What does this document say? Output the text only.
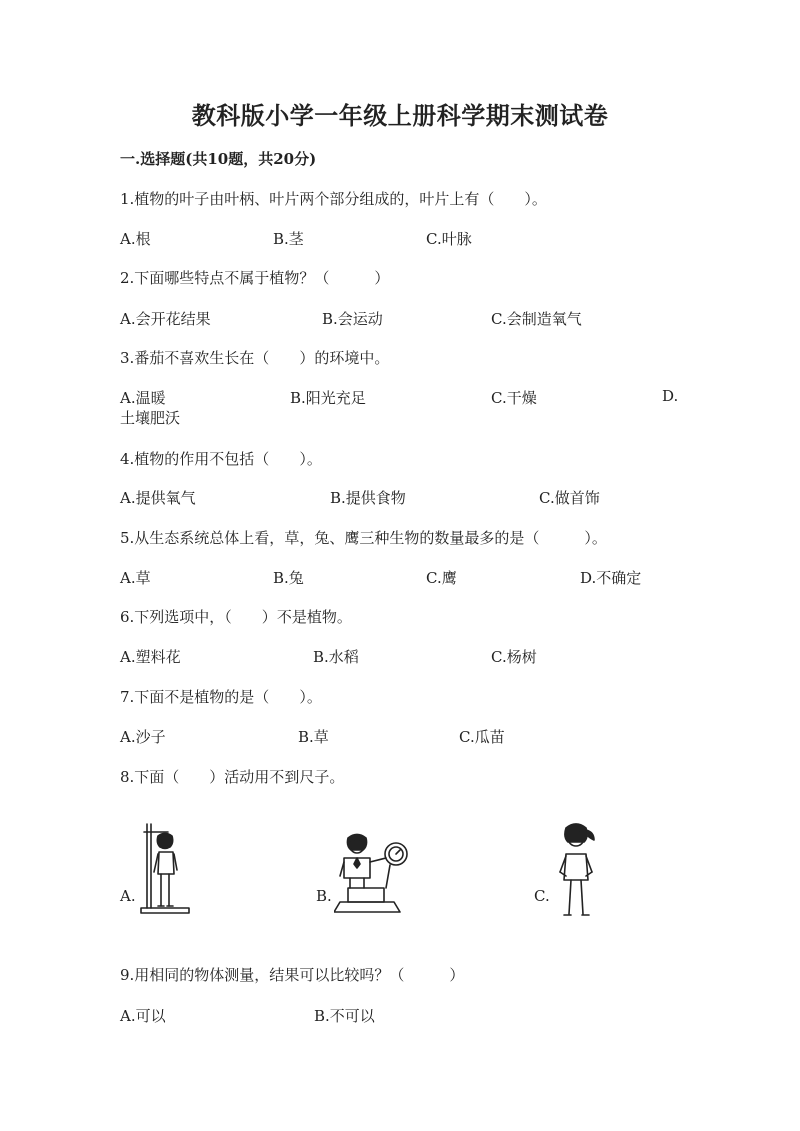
教科版小学一年级上册科学期末测试卷
一.选择题(共10题，共20分)
1.植物的叶子由叶柄、叶片两个部分组成的，叶片上有（　　）。
A.根	B.茎	C.叶脉
2.下面哪些特点不属于植物？（　　　）
A.会开花结果	B.会运动	C.会制造氧气
3.番茄不喜欢生长在（　　）的环境中。
A.温暖	B.阳光充足	C.干燥	D.
土壤肥沃
4.植物的作用不包括（　　）。
A.提供氧气	B.提供食物	C.做首饰
5.从生态系统总体上看，草，兔、鹰三种生物的数量最多的是（　　　）。
A.草	B.兔	C.鹰	D.不确定
6.下列选项中，（　　）不是植物。
A.塑料花	B.水稻	C.杨树
7.下面不是植物的是（　　）。
A.沙子	B.草	C.瓜苗
8.下面（　　）活动用不到尺子。
A.	B.	C.
9.用相同的物体测量，结果可以比较吗？（　　　）
A.可以	B.不可以
